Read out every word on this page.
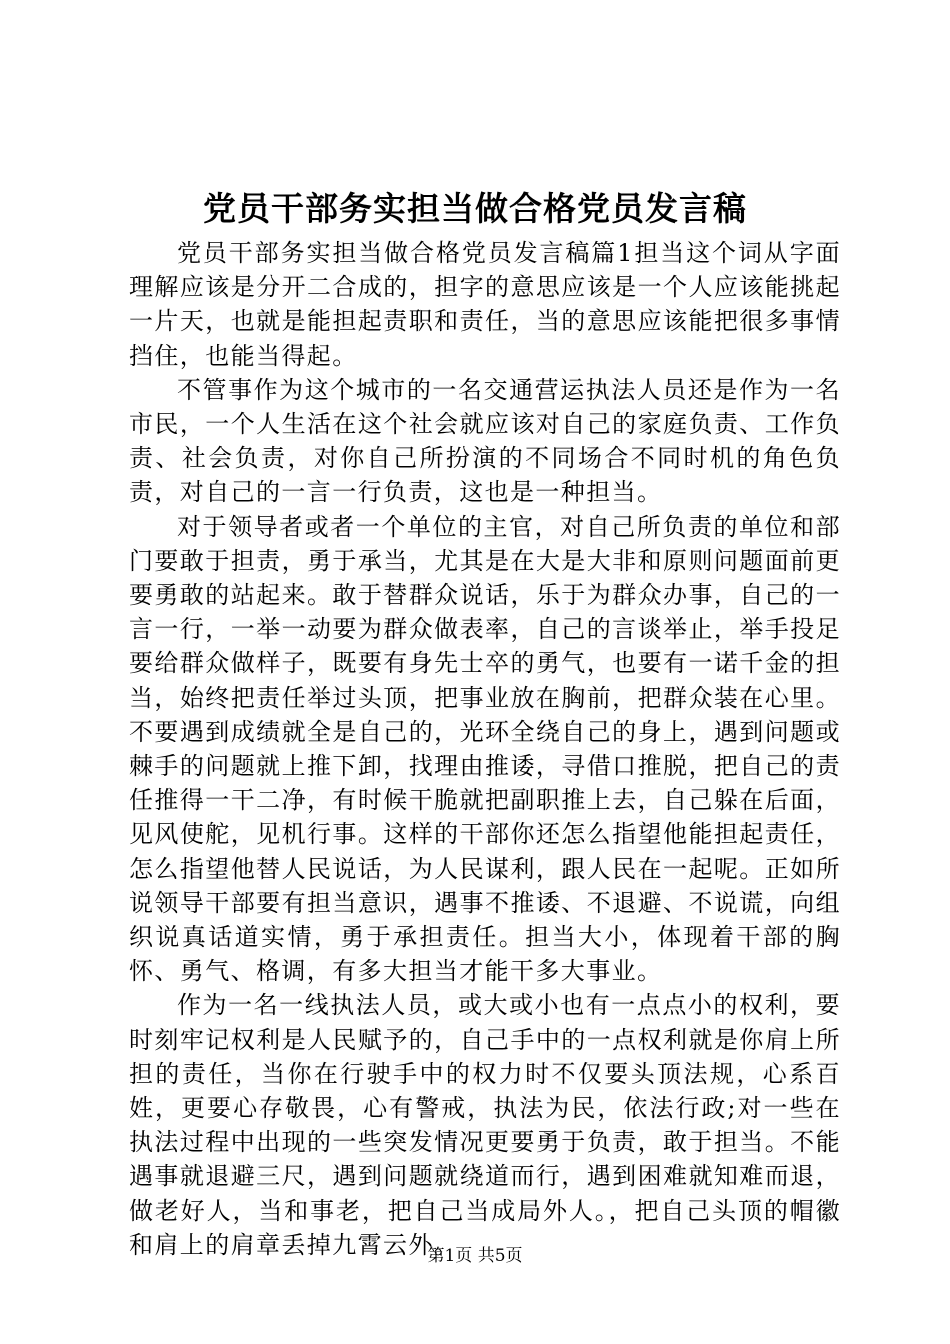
党员干部务实担当做合格党员发言稿

党员干部务实担当做合格党员发言稿篇1担当这个词从字面理解应该是分开二合成的，担字的意思应该是一个人应该能挑起一片天，也就是能担起责职和责任，当的意思应该能把很多事情挡住，也能当得起。

不管事作为这个城市的一名交通营运执法人员还是作为一名市民，一个人生活在这个社会就应该对自己的家庭负责、工作负责、社会负责，对你自己所扮演的不同场合不同时机的角色负责，对自己的一言一行负责，这也是一种担当。

对于领导者或者一个单位的主官，对自己所负责的单位和部门要敢于担责，勇于承当，尤其是在大是大非和原则问题面前更要勇敢的站起来。敢于替群众说话，乐于为群众办事，自己的一言一行，一举一动要为群众做表率，自己的言谈举止，举手投足要给群众做样子，既要有身先士卒的勇气，也要有一诺千金的担当，始终把责任举过头顶，把事业放在胸前，把群众装在心里。不要遇到成绩就全是自己的，光环全绕自己的身上，遇到问题或棘手的问题就上推下卸，找理由推诿，寻借口推脱，把自己的责任推得一干二净，有时候干脆就把副职推上去，自己躲在后面，见风使舵，见机行事。这样的干部你还怎么指望他能担起责任，怎么指望他替人民说话，为人民谋利，跟人民在一起呢。正如所说领导干部要有担当意识，遇事不推诿、不退避、不说谎，向组织说真话道实情，勇于承担责任。担当大小，体现着干部的胸怀、勇气、格调，有多大担当才能干多大事业。

作为一名一线执法人员，或大或小也有一点点小的权利，要时刻牢记权利是人民赋予的，自己手中的一点权利就是你肩上所担的责任，当你在行驶手中的权力时不仅要头顶法规，心系百姓，更要心存敬畏，心有警戒，执法为民，依法行政;对一些在执法过程中出现的一些突发情况更要勇于负责，敢于担当。不能遇事就退避三尺，遇到问题就绕道而行，遇到困难就知难而退，做老好人，当和事老，把自己当成局外人。，把自己头顶的帽徽和肩上的肩章丢掉九霄云外。

第1页 共5页
